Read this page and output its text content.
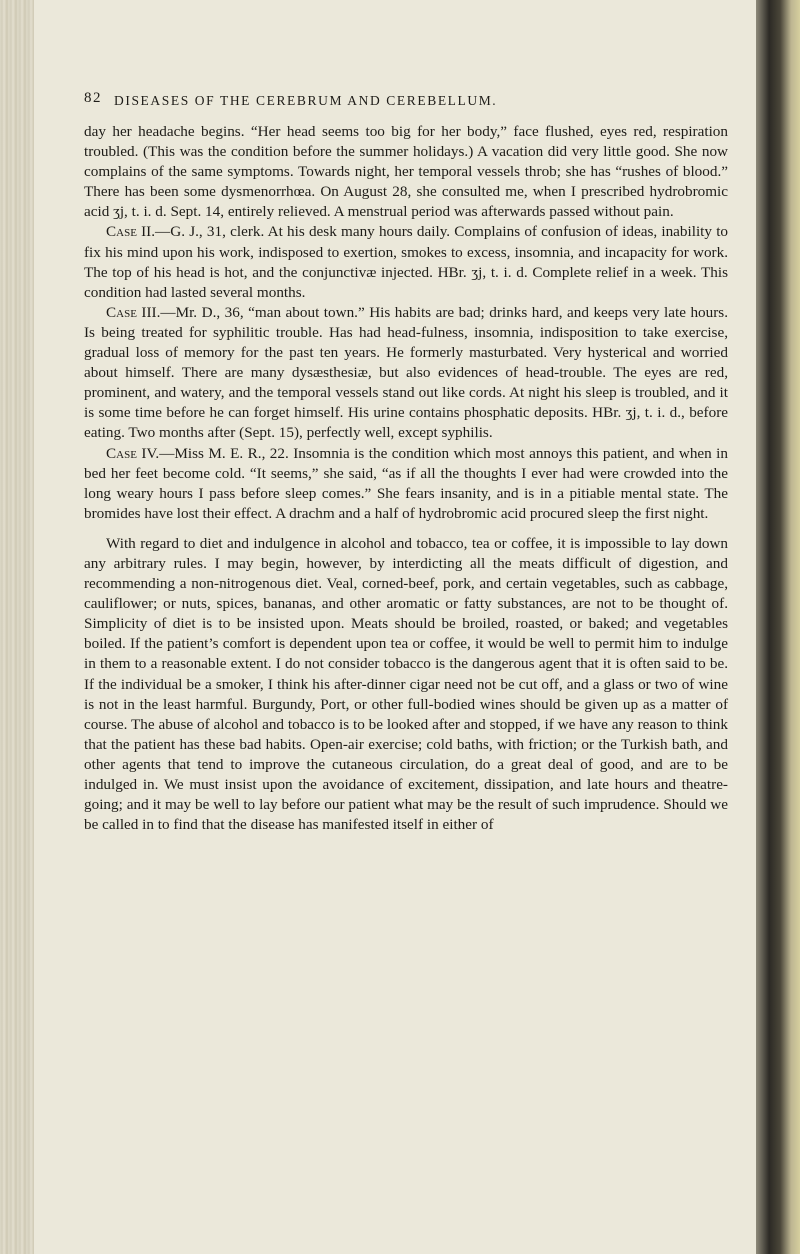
82 DISEASES OF THE CEREBRUM AND CEREBELLUM.

day her headache begins. “Her head seems too big for her body,” face flushed, eyes red, respiration troubled. (This was the condition before the summer holidays.) A vacation did very little good. She now complains of the same symptoms. Towards night, her temporal vessels throb; she has “rushes of blood.” There has been some dysmenorrhœa. On August 28, she consulted me, when I prescribed hydrobromic acid ʒj, t. i. d. Sept. 14, entirely relieved. A menstrual period was afterwards passed without pain.

Case II.—G. J., 31, clerk. At his desk many hours daily. Complains of confusion of ideas, inability to fix his mind upon his work, indisposed to exertion, smokes to excess, insomnia, and incapacity for work. The top of his head is hot, and the conjunctivæ injected. HBr. ʒj, t. i. d. Complete relief in a week. This condition had lasted several months.

Case III.—Mr. D., 36, “man about town.” His habits are bad; drinks hard, and keeps very late hours. Is being treated for syphilitic trouble. Has had head-fulness, insomnia, indisposition to take exercise, gradual loss of memory for the past ten years. He formerly masturbated. Very hysterical and worried about himself. There are many dysæsthesiæ, but also evidences of head-trouble. The eyes are red, prominent, and watery, and the temporal vessels stand out like cords. At night his sleep is troubled, and it is some time before he can forget himself. His urine contains phosphatic deposits. HBr. ʒj, t. i. d., before eating. Two months after (Sept. 15), perfectly well, except syphilis.

Case IV.—Miss M. E. R., 22. Insomnia is the condition which most annoys this patient, and when in bed her feet become cold. “It seems,” she said, “as if all the thoughts I ever had were crowded into the long weary hours I pass before sleep comes.” She fears insanity, and is in a pitiable mental state. The bromides have lost their effect. A drachm and a half of hydrobromic acid procured sleep the first night.

With regard to diet and indulgence in alcohol and tobacco, tea or coffee, it is impossible to lay down any arbitrary rules. I may begin, however, by interdicting all the meats difficult of digestion, and recommending a non-nitrogenous diet. Veal, corned-beef, pork, and certain vegetables, such as cabbage, cauliflower; or nuts, spices, bananas, and other aromatic or fatty substances, are not to be thought of. Simplicity of diet is to be insisted upon. Meats should be broiled, roasted, or baked; and vegetables boiled. If the patient’s comfort is dependent upon tea or coffee, it would be well to permit him to indulge in them to a reasonable extent. I do not consider tobacco is the dangerous agent that it is often said to be. If the individual be a smoker, I think his after-dinner cigar need not be cut off, and a glass or two of wine is not in the least harmful. Burgundy, Port, or other full-bodied wines should be given up as a matter of course. The abuse of alcohol and tobacco is to be looked after and stopped, if we have any reason to think that the patient has these bad habits. Open-air exercise; cold baths, with friction; or the Turkish bath, and other agents that tend to improve the cutaneous circulation, do a great deal of good, and are to be indulged in. We must insist upon the avoidance of excitement, dissipation, and late hours and theatre-going; and it may be well to lay before our patient what may be the result of such imprudence. Should we be called in to find that the disease has manifested itself in either of
